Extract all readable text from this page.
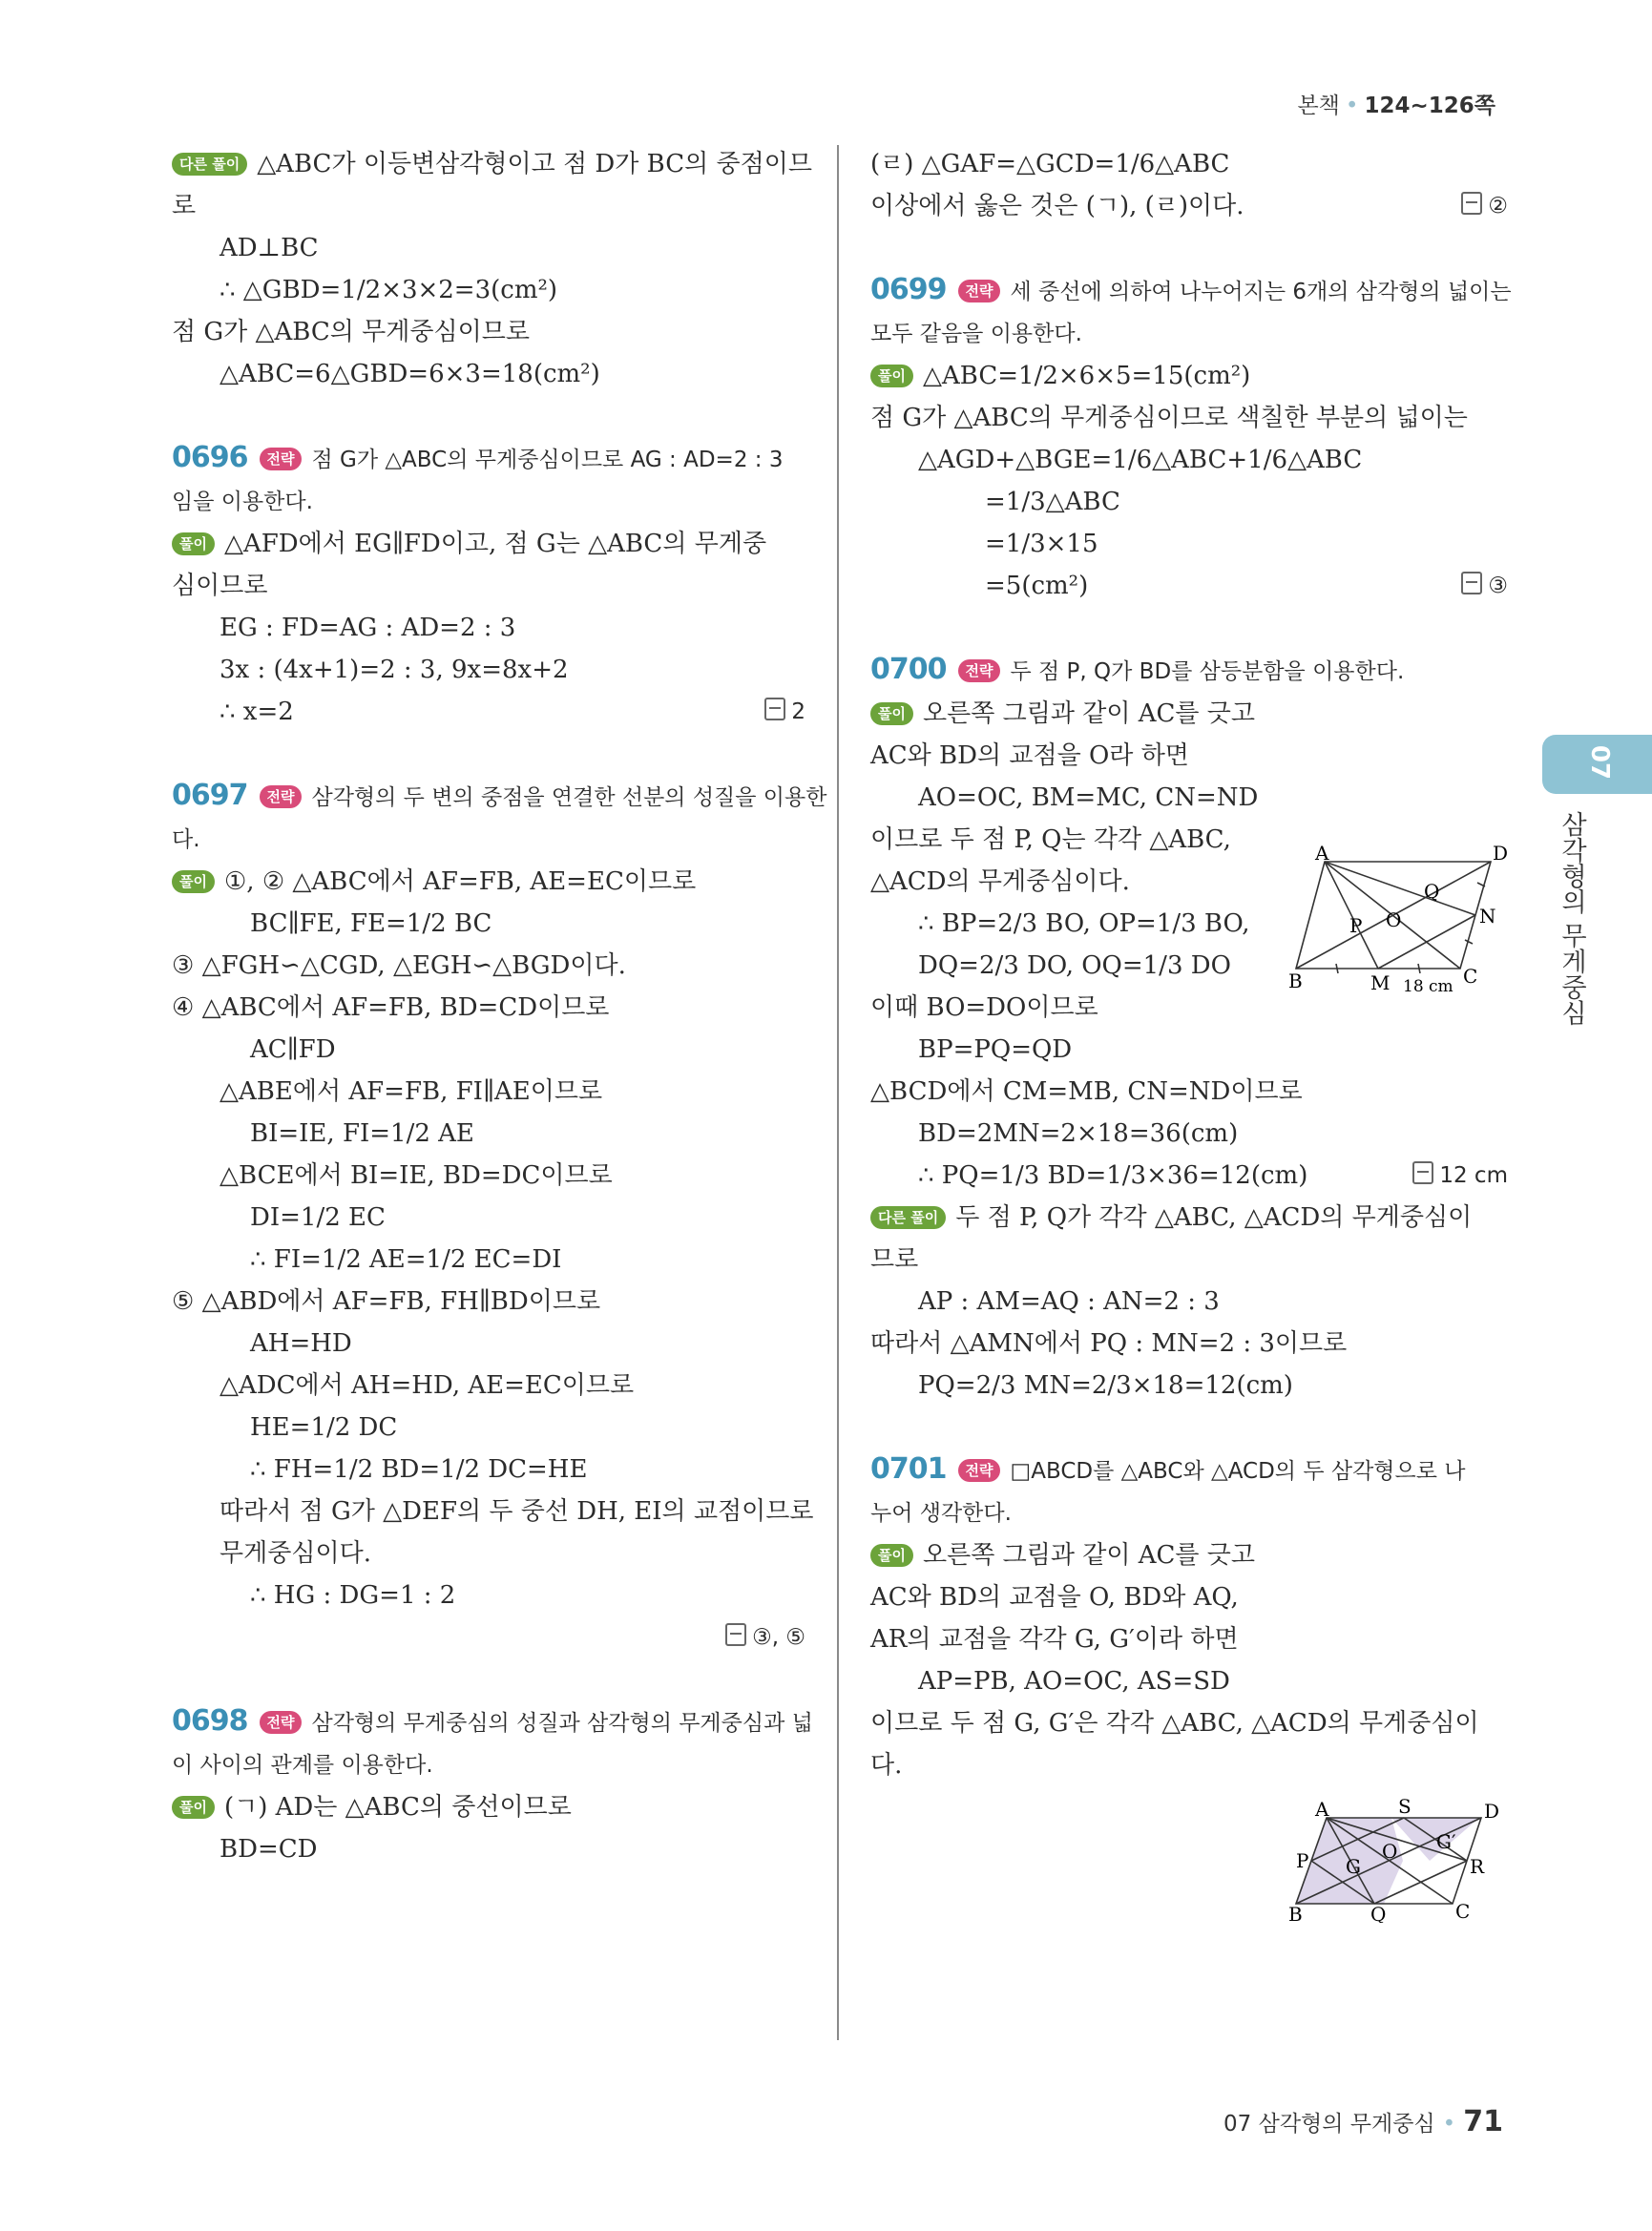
본책 • 124~126쪽
다른 풀이 △ABC가 이등변삼각형이고 점 D가 BC의 중점이므
로
AD⊥BC
∴ △GBD=1/2×3×2=3(cm²)
점 G가 △ABC의 무게중심이므로
△ABC=6△GBD=6×3=18(cm²)
0696 전략 점 G가 △ABC의 무게중심이므로 AG : AD=2 : 3
임을 이용한다.
풀이 △AFD에서 EG∥FD이고, 점 G는 △ABC의 무게중
심이므로
EG : FD=AG : AD=2 : 3
3x : (4x+1)=2 : 3, 9x=8x+2
∴ x=2	2
0697 전략 삼각형의 두 변의 중점을 연결한 선분의 성질을 이용한
다.
풀이 ①, ② △ABC에서 AF=FB, AE=EC이므로
BC∥FE, FE=1/2 BC
③ △FGH∽△CGD, △EGH∽△BGD이다.
④ △ABC에서 AF=FB, BD=CD이므로
AC∥FD
△ABE에서 AF=FB, FI∥AE이므로
BI=IE, FI=1/2 AE
△BCE에서 BI=IE, BD=DC이므로
DI=1/2 EC
∴ FI=1/2 AE=1/2 EC=DI
⑤ △ABD에서 AF=FB, FH∥BD이므로
AH=HD
△ADC에서 AH=HD, AE=EC이므로
HE=1/2 DC
∴ FH=1/2 BD=1/2 DC=HE
따라서 점 G가 △DEF의 두 중선 DH, EI의 교점이므로
무게중심이다.
∴ HG : DG=1 : 2
③, ⑤

0698 전략 삼각형의 무게중심의 성질과 삼각형의 무게중심과 넓
이 사이의 관계를 이용한다.
풀이 (ㄱ) AD는 △ABC의 중선이므로
BD=CD
(ㄹ) △GAF=△GCD=1/6△ABC
이상에서 옳은 것은 (ㄱ), (ㄹ)이다.	②
0699 전략 세 중선에 의하여 나누어지는 6개의 삼각형의 넓이는
모두 같음을 이용한다.
풀이 △ABC=1/2×6×5=15(cm²)
점 G가 △ABC의 무게중심이므로 색칠한 부분의 넓이는
△AGD+△BGE=1/6△ABC+1/6△ABC
=1/3△ABC
=1/3×15
=5(cm²)	③
0700 전략 두 점 P, Q가 BD를 삼등분함을 이용한다.
풀이 오른쪽 그림과 같이 AC를 긋고
AC와 BD의 교점을 O라 하면
AO=OC, BM=MC, CN=ND
이므로 두 점 P, Q는 각각 △ABC,
△ACD의 무게중심이다.
∴ BP=2/3 BO, OP=1/3 BO,
DQ=2/3 DO, OQ=1/3 DO
이때 BO=DO이므로
BP=PQ=QD
△BCD에서 CM=MB, CN=ND이므로
BD=2MN=2×18=36(cm)
∴ PQ=1/3 BD=1/3×36=12(cm)	12 cm
다른 풀이 두 점 P, Q가 각각 △ABC, △ACD의 무게중심이
므로
AP : AM=AQ : AN=2 : 3
따라서 △AMN에서 PQ : MN=2 : 3이므로
PQ=2/3 MN=2/3×18=12(cm)
0701 전략 □ABCD를 △ABC와 △ACD의 두 삼각형으로 나
누어 생각한다.
풀이 오른쪽 그림과 같이 AC를 긋고
AC와 BD의 교점을 O, BD와 AQ,
AR의 교점을 각각 G, G′이라 하면
AP=PB, AO=OC, AS=SD
이므로 두 점 G, G′은 각각 △ABC, △ACD의 무게중심이
다.
A	D
B	C
M
N
O
P
Q
18 cm
A	S	D
P	R
B	Q	C
O
G
G′
07
삼각형의 무게중심
07 삼각형의 무게중심 • 71
